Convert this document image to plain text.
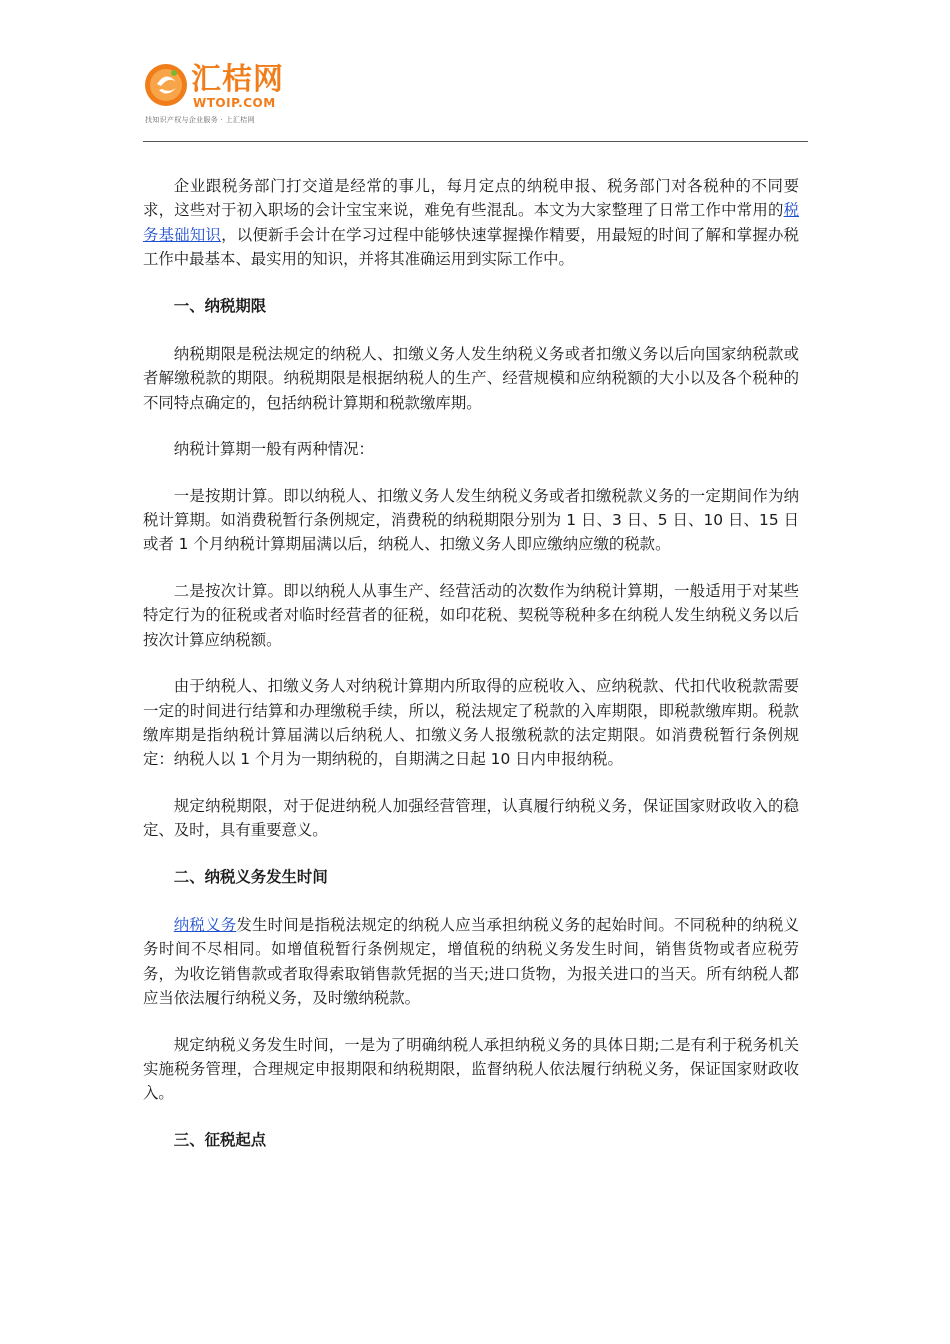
汇桔网
WTOIP.COM
找知识产权与企业服务 · 上汇桔网

企业跟税务部门打交道是经常的事儿，每月定点的纳税申报、税务部门对各税种的不同要求，这些对于初入职场的会计宝宝来说，难免有些混乱。本文为大家整理了日常工作中常用的税务基础知识，以便新手会计在学习过程中能够快速掌握操作精要，用最短的时间了解和掌握办税工作中最基本、最实用的知识，并将其准确运用到实际工作中。

一、纳税期限

纳税期限是税法规定的纳税人、扣缴义务人发生纳税义务或者扣缴义务以后向国家纳税款或者解缴税款的期限。纳税期限是根据纳税人的生产、经营规模和应纳税额的大小以及各个税种的不同特点确定的，包括纳税计算期和税款缴库期。

纳税计算期一般有两种情况：

一是按期计算。即以纳税人、扣缴义务人发生纳税义务或者扣缴税款义务的一定期间作为纳税计算期。如消费税暂行条例规定，消费税的纳税期限分别为 1 日、3 日、5 日、10 日、15 日或者 1 个月纳税计算期届满以后，纳税人、扣缴义务人即应缴纳应缴的税款。

二是按次计算。即以纳税人从事生产、经营活动的次数作为纳税计算期，一般适用于对某些特定行为的征税或者对临时经营者的征税，如印花税、契税等税种多在纳税人发生纳税义务以后按次计算应纳税额。

由于纳税人、扣缴义务人对纳税计算期内所取得的应税收入、应纳税款、代扣代收税款需要一定的时间进行结算和办理缴税手续，所以，税法规定了税款的入库期限，即税款缴库期。税款缴库期是指纳税计算届满以后纳税人、扣缴义务人报缴税款的法定期限。如消费税暂行条例规定：纳税人以 1 个月为一期纳税的，自期满之日起 10 日内申报纳税。

规定纳税期限，对于促进纳税人加强经营管理，认真履行纳税义务，保证国家财政收入的稳定、及时，具有重要意义。

二、纳税义务发生时间

纳税义务发生时间是指税法规定的纳税人应当承担纳税义务的起始时间。不同税种的纳税义务时间不尽相同。如增值税暂行条例规定，增值税的纳税义务发生时间，销售货物或者应税劳务，为收讫销售款或者取得索取销售款凭据的当天;进口货物，为报关进口的当天。所有纳税人都应当依法履行纳税义务，及时缴纳税款。

规定纳税义务发生时间，一是为了明确纳税人承担纳税义务的具体日期;二是有利于税务机关实施税务管理，合理规定申报期限和纳税期限，监督纳税人依法履行纳税义务，保证国家财政收入。

三、征税起点
